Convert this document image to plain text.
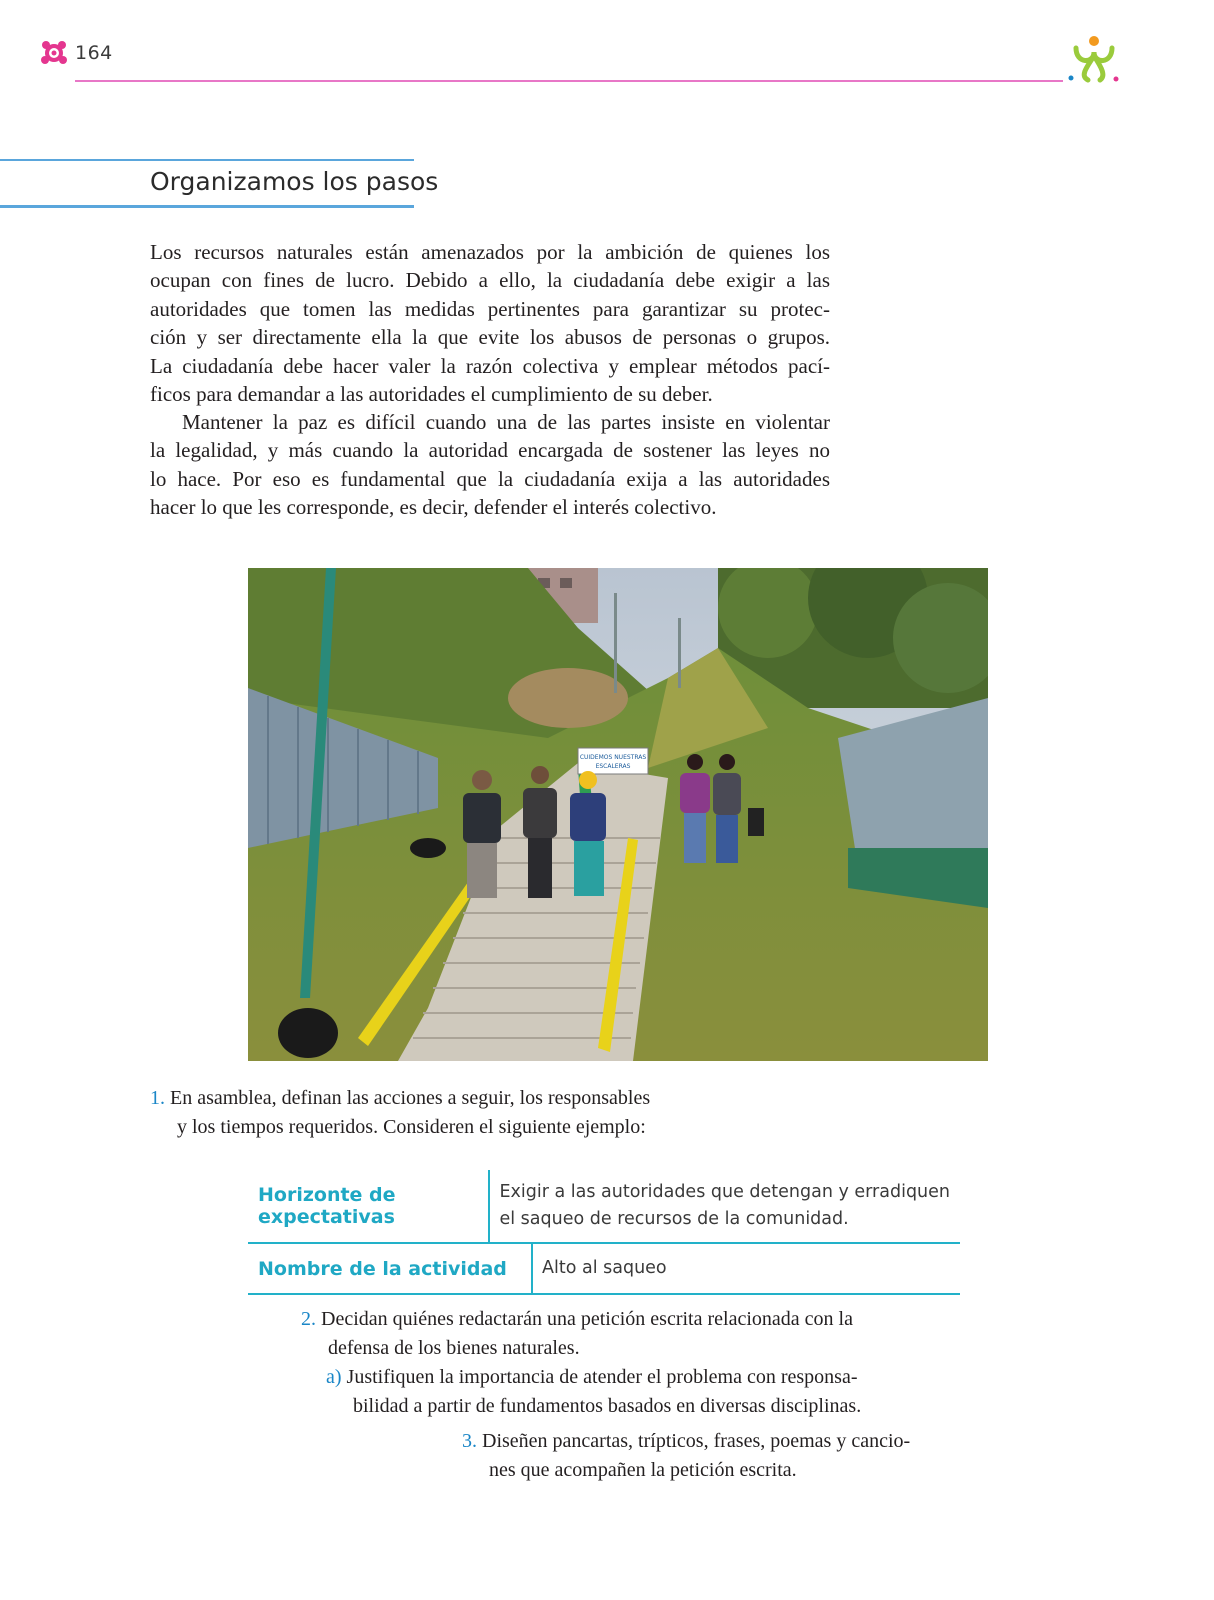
164
Organizamos los pasos
Los recursos naturales están amenazados por la ambición de quienes los
ocupan con fines de lucro. Debido a ello, la ciudadanía debe exigir a las
autoridades que tomen las medidas pertinentes para garantizar su protec-
ción y ser directamente ella la que evite los abusos de personas o grupos.
La ciudadanía debe hacer valer la razón colectiva y emplear métodos pací-
ficos para demandar a las autoridades el cumplimiento de su deber.
Mantener la paz es difícil cuando una de las partes insiste en violentar
la legalidad, y más cuando la autoridad encargada de sostener las leyes no
lo hace. Por eso es fundamental que la ciudadanía exija a las autoridades
hacer lo que les corresponde, es decir, defender el interés colectivo.
CUIDEMOS NUESTRAS
ESCALERAS
1. En asamblea, definan las acciones a seguir, los responsables
y los tiempos requeridos. Consideren el siguiente ejemplo:
Horizonte de expectativas
Exigir a las autoridades que detengan y erradiquen
el saqueo de recursos de la comunidad.
Nombre de la actividad	Alto al saqueo
2. Decidan quiénes redactarán una petición escrita relacionada con la
defensa de los bienes naturales.
a) Justifiquen la importancia de atender el problema con responsa-
bilidad a partir de fundamentos basados en diversas disciplinas.
3. Diseñen pancartas, trípticos, frases, poemas y cancio-
nes que acompañen la petición escrita.
